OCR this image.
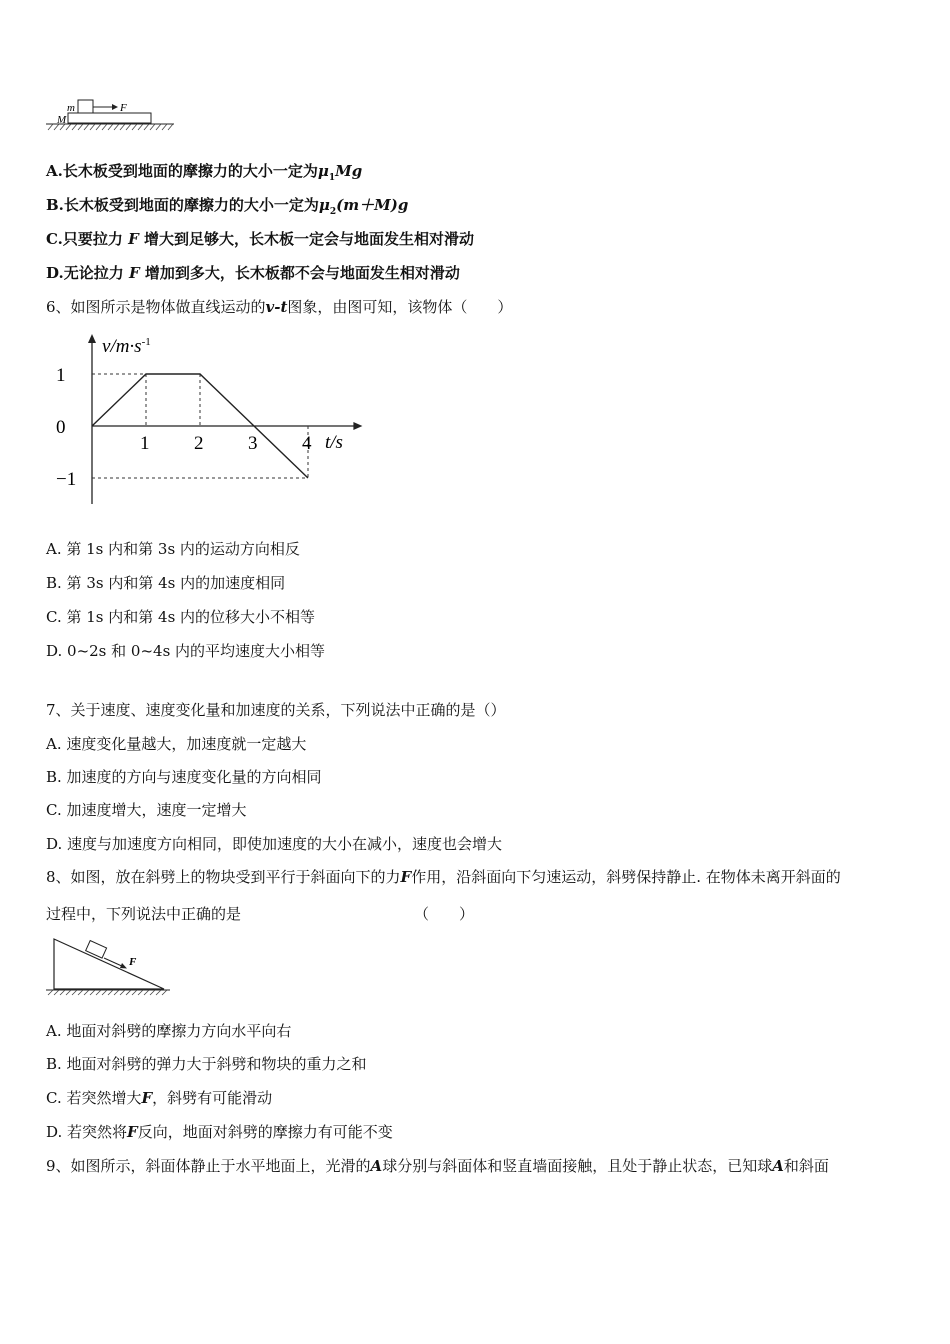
m
M
F
A.长木板受到地面的摩擦力的大小一定为$\mu_1Mg$
B.长木板受到地面的摩擦力的大小一定为$\mu_2(m+M)g$
C.只要拉力 F 增大到足够大，长木板一定会与地面发生相对滑动
D.无论拉力 F 增加到多大，长木板都不会与地面发生相对滑动
6、如图所示是物体做直线运动的v-t图象，由图可知，该物体（　　）
$v/m\cdot s^{-1}$
t/s
1 2 3 4
1
0
−1
A. 第 1s 内和第 3s 内的运动方向相反
B. 第 3s 内和第 4s 内的加速度相同
C. 第 1s 内和第 4s 内的位移大小不相等
D. 0~2s 和 0~4s 内的平均速度大小相等
7、关于速度、速度变化量和加速度的关系，下列说法中正确的是（）
A. 速度变化量越大，加速度就一定越大
B. 加速度的方向与速度变化量的方向相同
C. 加速度增大，速度一定增大
D. 速度与加速度方向相同，即使加速度的大小在减小，速度也会增大
8、如图，放在斜劈上的物块受到平行于斜面向下的力F作用，沿斜面向下匀速运动，斜劈保持静止. 在物体未离开斜面的
过程中，下列说法中正确的是	（　　）
F
A. 地面对斜劈的摩擦力方向水平向右
B. 地面对斜劈的弹力大于斜劈和物块的重力之和
C. 若突然增大F，斜劈有可能滑动
D. 若突然将F反向，地面对斜劈的摩擦力有可能不变
9、如图所示，斜面体静止于水平地面上，光滑的A球分别与斜面体和竖直墙面接触，且处于静止状态，已知球A和斜面
